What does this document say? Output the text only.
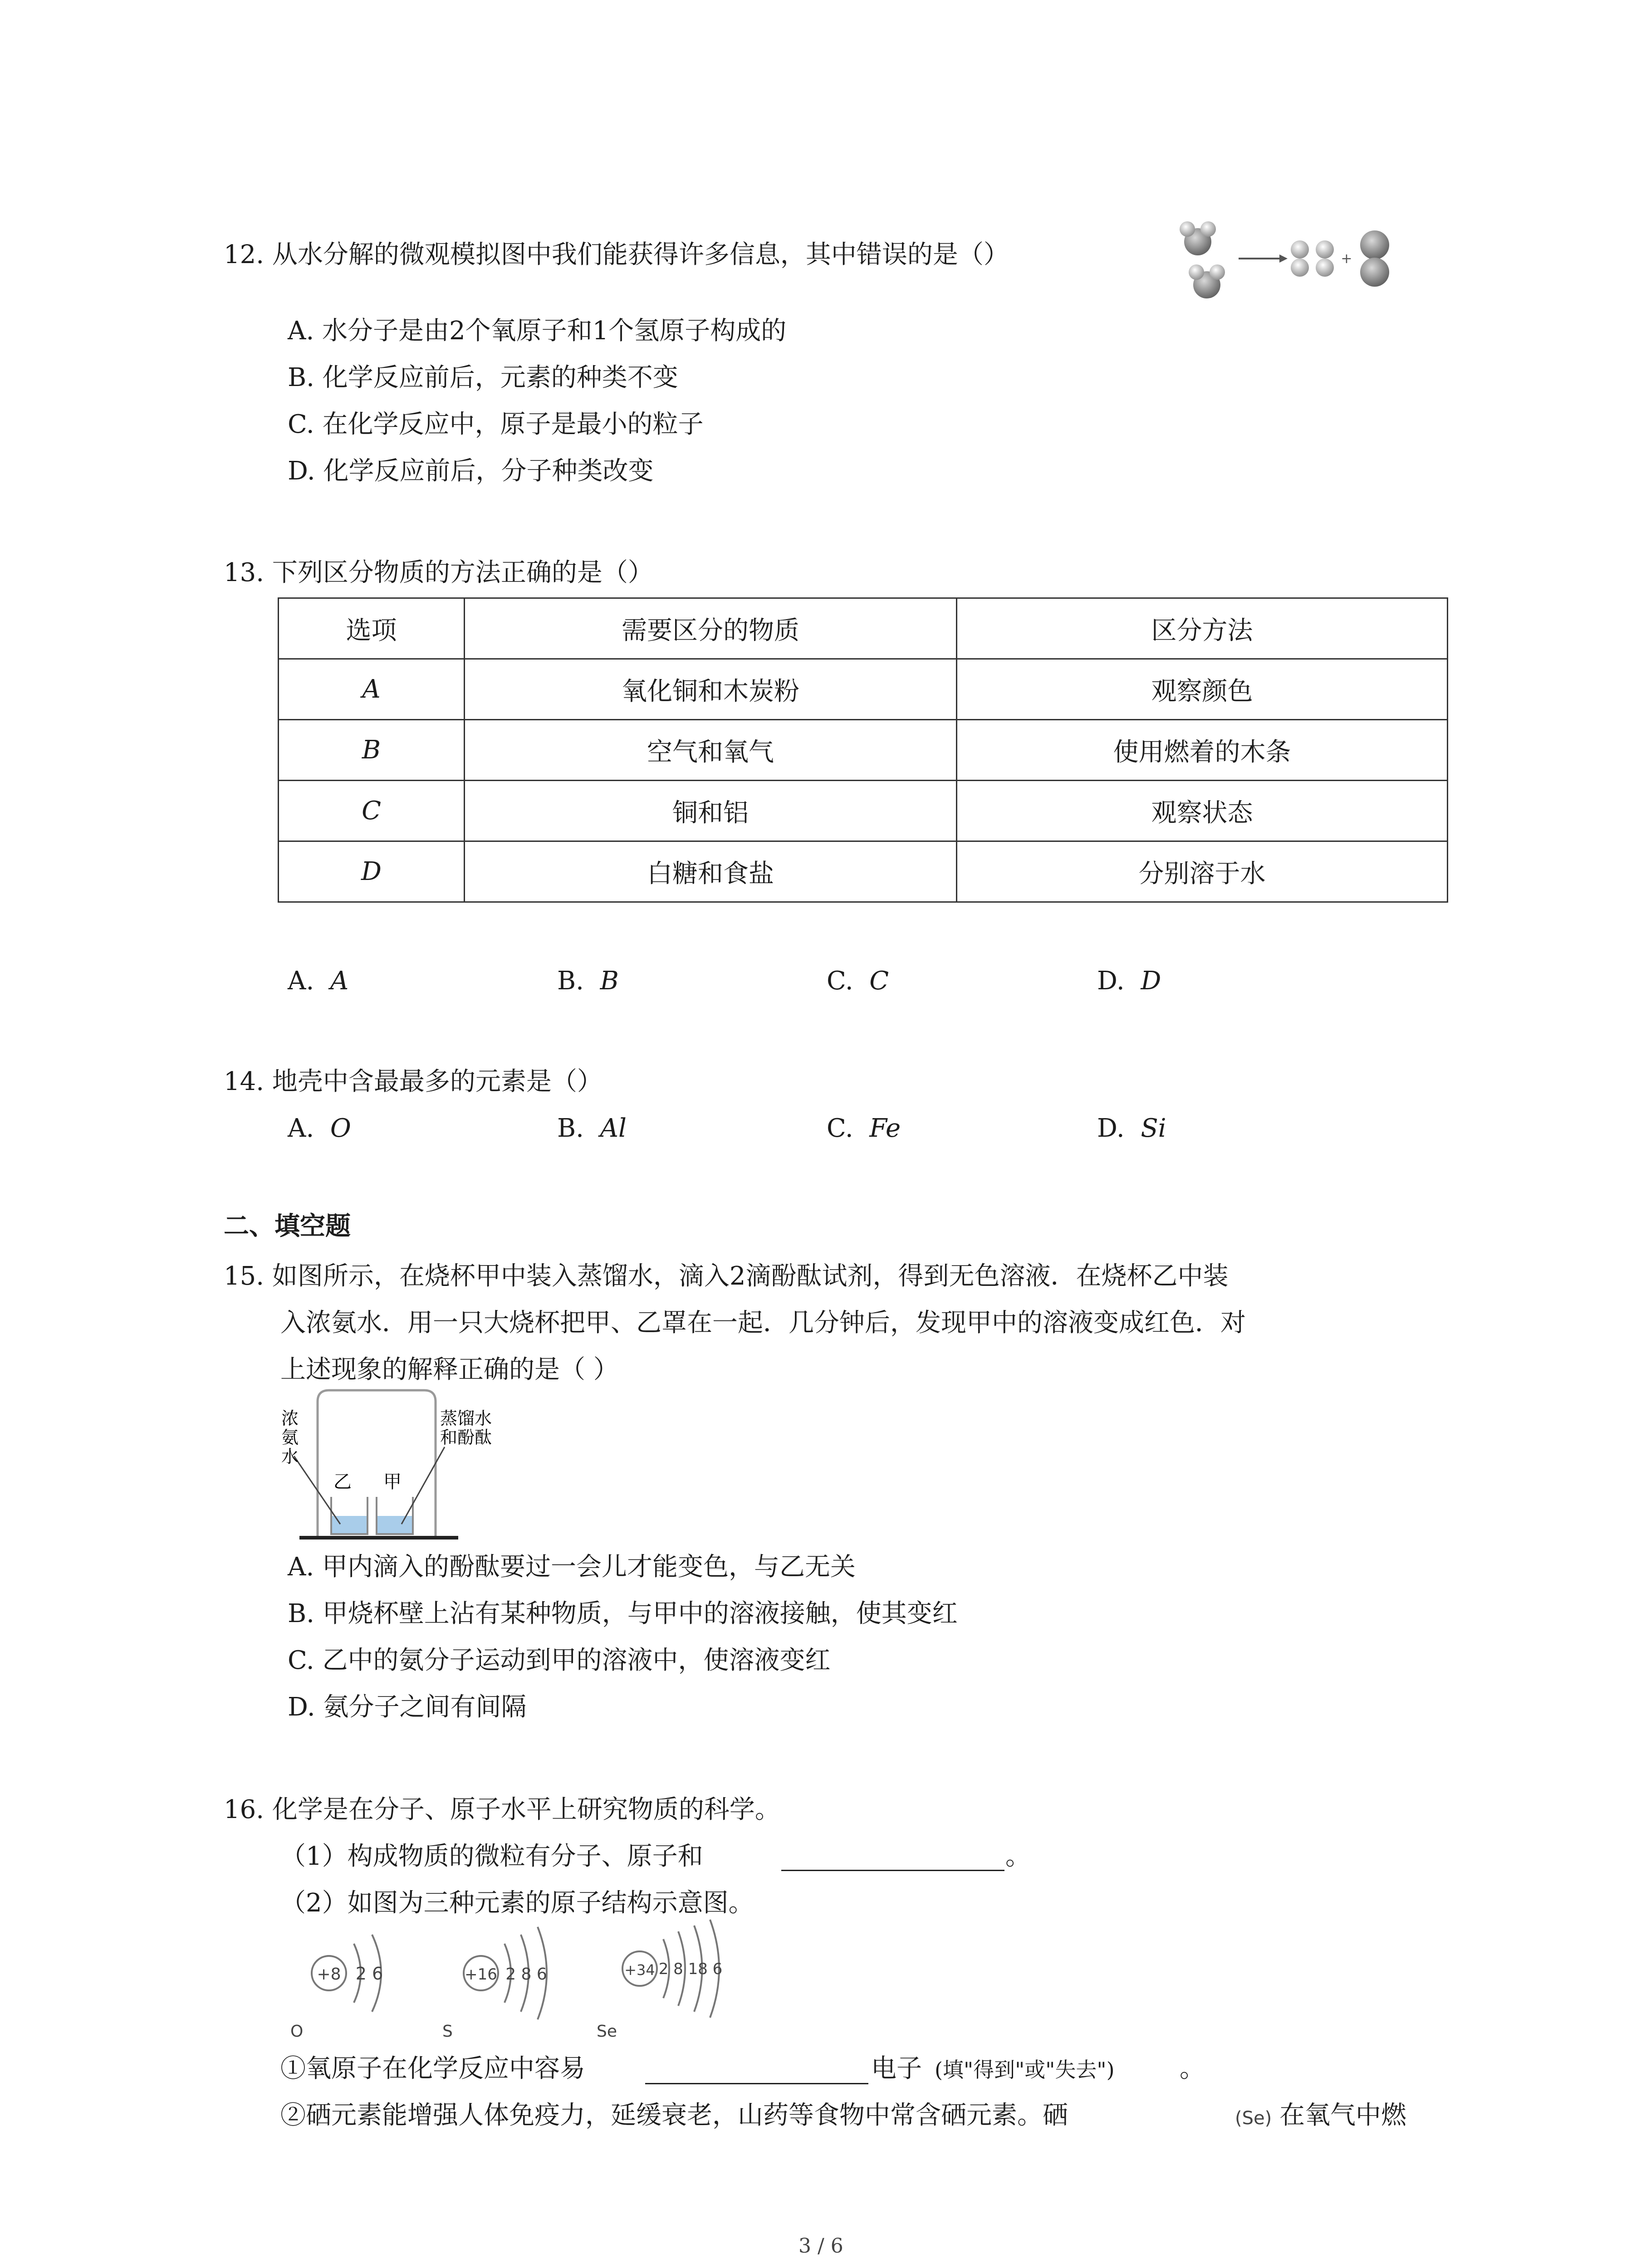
12. 从水分解的微观模拟图中我们能获得许多信息，其中错误的是（）	+
A. 水分子是由2个氧原子和1个氢原子构成的
B. 化学反应前后，元素的种类不变
C. 在化学反应中，原子是最小的粒子
D. 化学反应前后，分子种类改变
13. 下列区分物质的方法正确的是（）
选项	需要区分的物质	区分方法
A	氧化铜和木炭粉	观察颜色
B	空气和氧气	使用燃着的木条
C	铜和铝	观察状态
D	白糖和食盐	分别溶于水
A. A	B. B	C. C	D. D
14. 地壳中含最最多的元素是（）
A. O	B. Al	C. Fe	D. Si
二、填空题
15. 如图所示，在烧杯甲中装入蒸馏水，滴入2滴酚酞试剂，得到无色溶液．在烧杯乙中装
入浓氨水．用一只大烧杯把甲、乙罩在一起．几分钟后，发现甲中的溶液变成红色．对
上述现象的解释正确的是（ ）
乙 甲
浓
氨
水
蒸馏水
和酚酞
A. 甲内滴入的酚酞要过一会儿才能变色，与乙无关
B. 甲烧杯壁上沾有某种物质，与甲中的溶液接触，使其变红
C. 乙中的氨分子运动到甲的溶液中，使溶液变红
D. 氨分子之间有间隔
16. 化学是在分子、原子水平上研究物质的科学。
（1）构成物质的微粒有分子、原子和	。
（2）如图为三种元素的原子结构示意图。
+8 2 6
O
+16 2 8 6
S
+34 2 8 18 6
Se
①氧原子在化学反应中容易	电子 (填"得到"或"失去")	。
②硒元素能增强人体免疫力，延缓衰老，山药等食物中常含硒元素。硒	(Se) 在氧气中燃
3 / 6
